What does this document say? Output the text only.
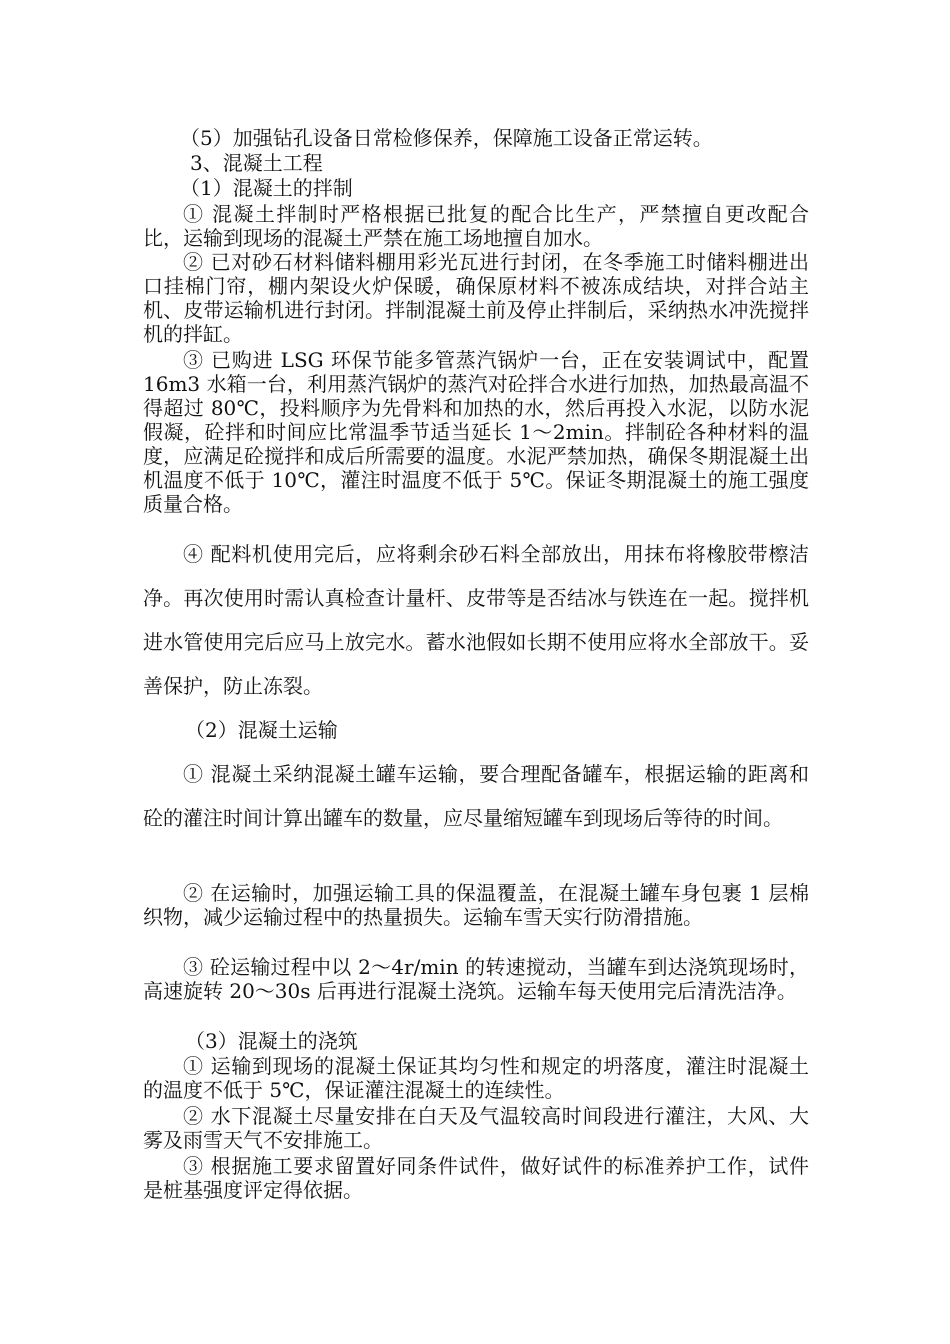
（5）加强钻孔设备日常检修保养，保障施工设备正常运转。

3、混凝土工程

（1）混凝土的拌制

① 混凝土拌制时严格根据已批复的配合比生产，严禁擅自更改配合比，运输到现场的混凝土严禁在施工场地擅自加水。

② 已对砂石材料储料棚用彩光瓦进行封闭，在冬季施工时储料棚进出口挂棉门帘，棚内架设火炉保暖，确保原材料不被冻成结块，对拌合站主机、皮带运输机进行封闭。拌制混凝土前及停止拌制后，采纳热水冲洗搅拌机的拌缸。

③ 已购进 LSG 环保节能多管蒸汽锅炉一台，正在安装调试中，配置 16m3 水箱一台，利用蒸汽锅炉的蒸汽对砼拌合水进行加热，加热最高温不得超过 80℃，投料顺序为先骨料和加热的水，然后再投入水泥，以防水泥假凝，砼拌和时间应比常温季节适当延长 1～2min。拌制砼各种材料的温度，应满足砼搅拌和成后所需要的温度。水泥严禁加热，确保冬期混凝土出机温度不低于 10℃，灌注时温度不低于 5℃。保证冬期混凝土的施工强度质量合格。

④ 配料机使用完后，应将剩余砂石料全部放出，用抹布将橡胶带檫洁净。再次使用时需认真检查计量杆、皮带等是否结冰与铁连在一起。搅拌机进水管使用完后应马上放完水。蓄水池假如长期不使用应将水全部放干。妥善保护，防止冻裂。

（2）混凝土运输

① 混凝土采纳混凝土罐车运输，要合理配备罐车，根据运输的距离和砼的灌注时间计算出罐车的数量，应尽量缩短罐车到现场后等待的时间。

② 在运输时，加强运输工具的保温覆盖，在混凝土罐车身包裹 1 层棉织物，减少运输过程中的热量损失。运输车雪天实行防滑措施。

③ 砼运输过程中以 2～4r/min 的转速搅动，当罐车到达浇筑现场时，高速旋转 20～30s 后再进行混凝土浇筑。运输车每天使用完后清洗洁净。

（3）混凝土的浇筑

① 运输到现场的混凝土保证其均匀性和规定的坍落度，灌注时混凝土的温度不低于 5℃，保证灌注混凝土的连续性。

② 水下混凝土尽量安排在白天及气温较高时间段进行灌注，大风、大雾及雨雪天气不安排施工。

③ 根据施工要求留置好同条件试件，做好试件的标准养护工作，试件是桩基强度评定得依据。
